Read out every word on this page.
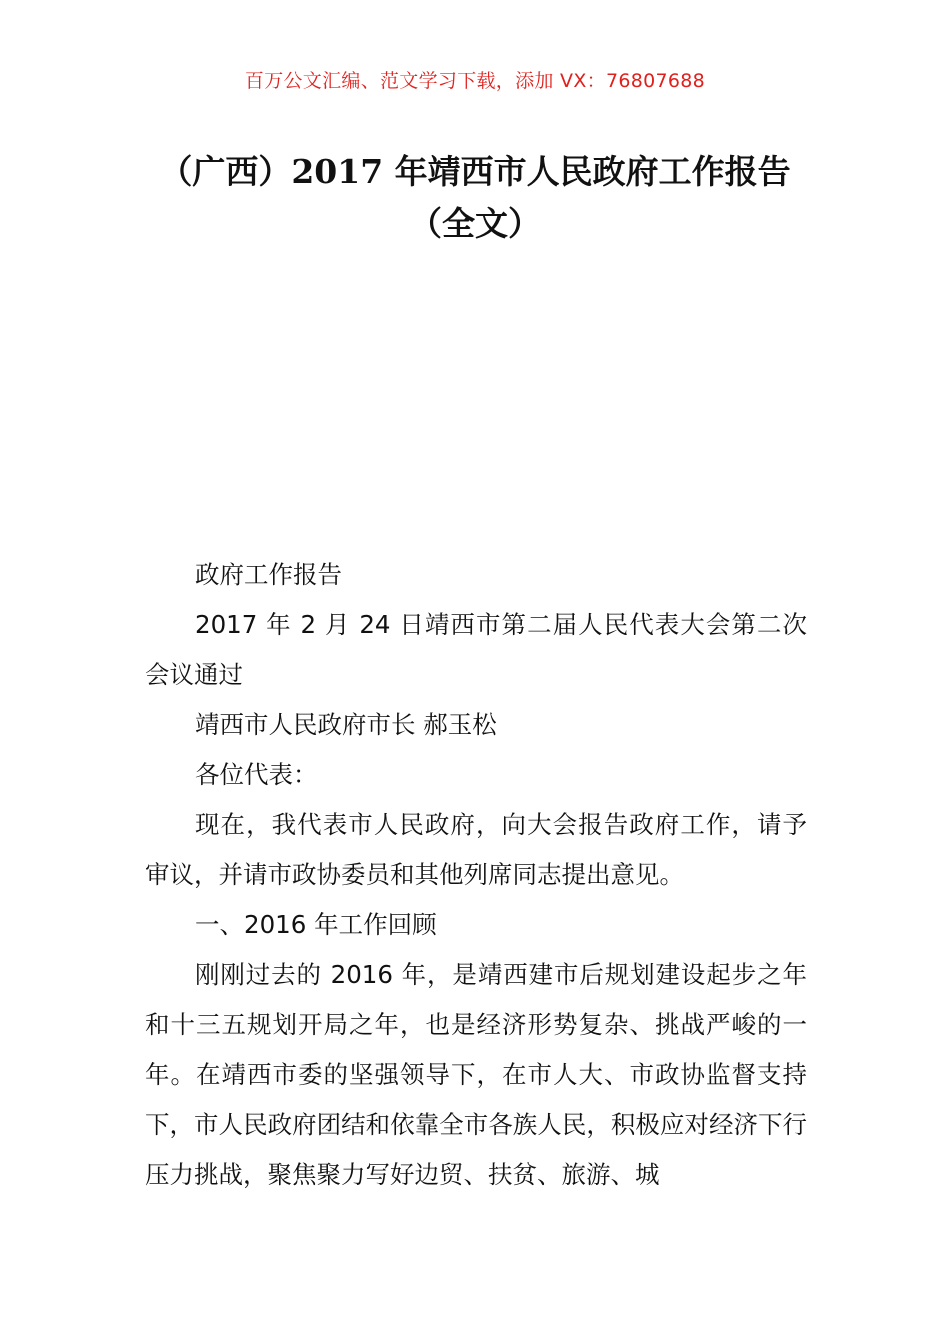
百万公文汇编、范文学习下载，添加 VX：76807688
（广西）2017 年靖西市人民政府工作报告
（全文）

政府工作报告

2017 年 2 月 24 日靖西市第二届人民代表大会第二次会议通过

靖西市人民政府市长 郝玉松

各位代表：

现在，我代表市人民政府，向大会报告政府工作，请予审议，并请市政协委员和其他列席同志提出意见。

一、2016 年工作回顾

刚刚过去的 2016 年，是靖西建市后规划建设起步之年和十三五规划开局之年，也是经济形势复杂、挑战严峻的一年。在靖西市委的坚强领导下，在市人大、市政协监督支持下，市人民政府团结和依靠全市各族人民，积极应对经济下行压力挑战，聚焦聚力写好边贸、扶贫、旅游、城
